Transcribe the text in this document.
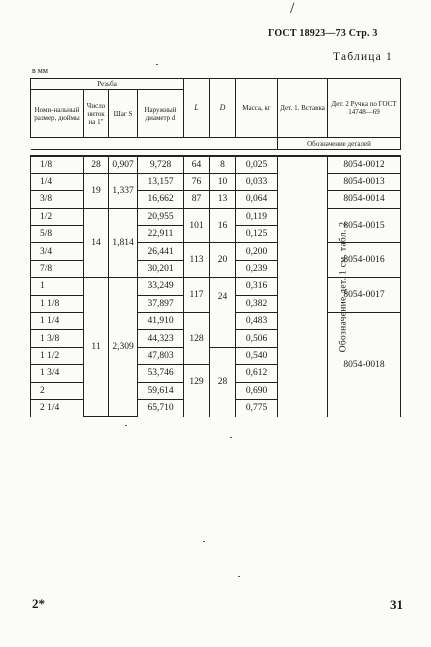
/
ГОСТ 18923—73 Стр. 3
Таблица 1
в мм
Резьба				L	D	Масса, кг	Дет. 1. Вставка	Дет. 2 Ручка по ГОСТ 14748—69
Номи-нальный размер, дюймы	Число ниток на 1"	Шаг S	Наружный диаметр d					
							Обозначение деталей	

1/8	28	0,907	9,728	64	8	0,025	Обозначение дет. 1 см. табл. 2	8054-0012
1/4	19	1,337	13,157	76	10	0,033		8054-0013
3/8			16,662	87	13	0,064		8054-0014
1/2	14	1,814	20,955	101	16	0,119		8054-0015
5/8			22,911			0,125		
3/4			26,441	113	20	0,200		8054-0016
7/8			30,201			0,239		
1	11	2,309	33,249	117	24	0,316		8054-0017
1 1/8			37,897			0,382		
1 1/4			41,910	128		0,483		8054-0018
1 3/8			44,323			0,506		
1 1/2			47,803		28	0,540		
1 3/4			53,746	129		0,612		
2			59,614			0,690		
2 1/4			65,710			0,775		
2*	31
